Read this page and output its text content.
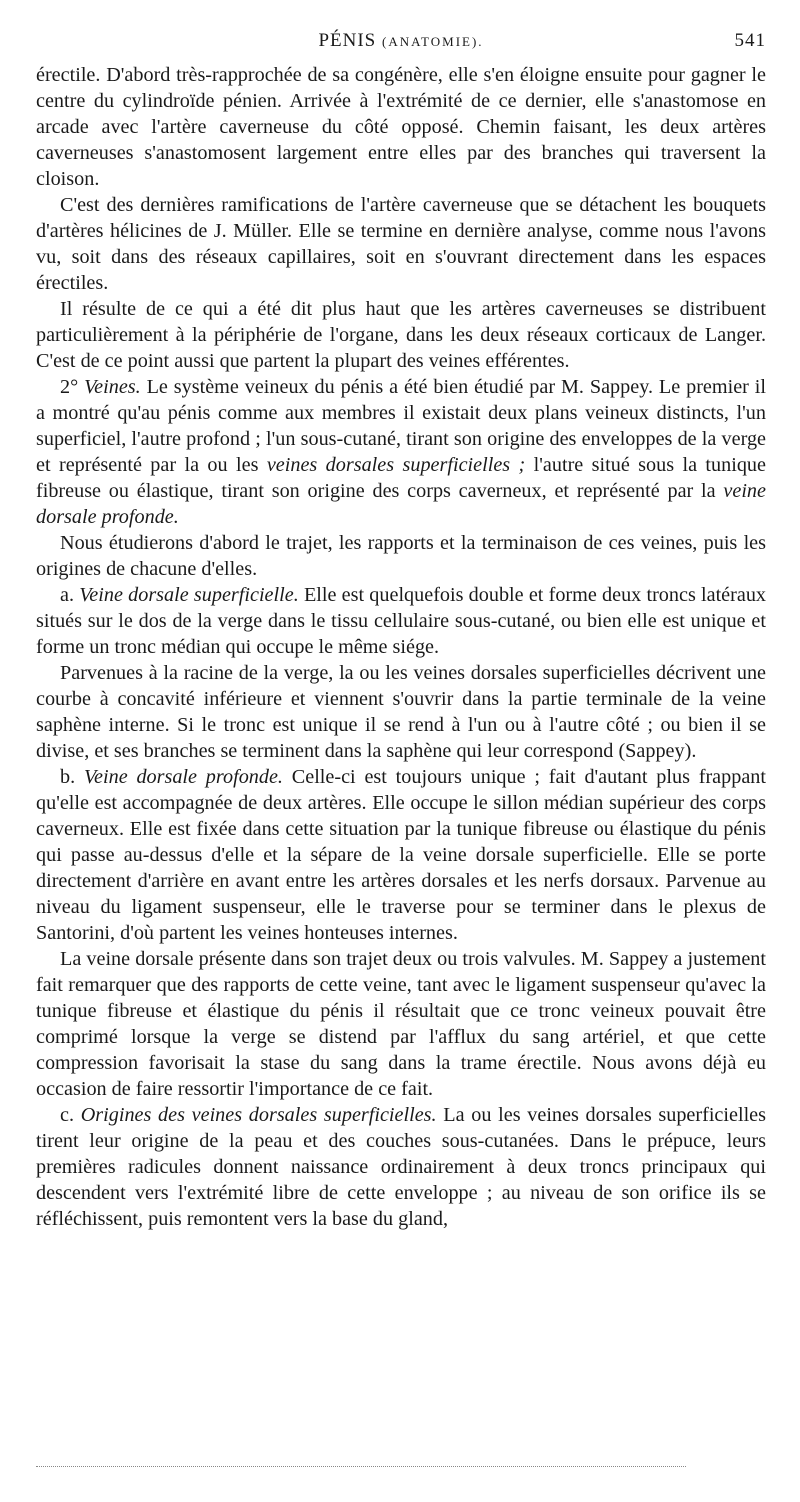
PÉNIS (ANATOMIE).	541

érectile. D'abord très-rapprochée de sa congénère, elle s'en éloigne ensuite pour gagner le centre du cylindroïde pénien. Arrivée à l'extrémité de ce dernier, elle s'anastomose en arcade avec l'artère caverneuse du côté opposé. Chemin faisant, les deux artères caverneuses s'anastomosent largement entre elles par des branches qui traversent la cloison.

C'est des dernières ramifications de l'artère caverneuse que se détachent les bouquets d'artères hélicines de J. Müller. Elle se termine en dernière analyse, comme nous l'avons vu, soit dans des réseaux capillaires, soit en s'ouvrant directement dans les espaces érectiles.

Il résulte de ce qui a été dit plus haut que les artères caverneuses se distribuent particulièrement à la périphérie de l'organe, dans les deux réseaux corticaux de Langer. C'est de ce point aussi que partent la plupart des veines efférentes.

2° Veines. Le système veineux du pénis a été bien étudié par M. Sappey. Le premier il a montré qu'au pénis comme aux membres il existait deux plans veineux distincts, l'un superficiel, l'autre profond ; l'un sous-cutané, tirant son origine des enveloppes de la verge et représenté par la ou les veines dorsales superficielles ; l'autre situé sous la tunique fibreuse ou élastique, tirant son origine des corps caverneux, et représenté par la veine dorsale profonde.

Nous étudierons d'abord le trajet, les rapports et la terminaison de ces veines, puis les origines de chacune d'elles.

a. Veine dorsale superficielle. Elle est quelquefois double et forme deux troncs latéraux situés sur le dos de la verge dans le tissu cellulaire sous-cutané, ou bien elle est unique et forme un tronc médian qui occupe le même siége.

Parvenues à la racine de la verge, la ou les veines dorsales superficielles décrivent une courbe à concavité inférieure et viennent s'ouvrir dans la partie terminale de la veine saphène interne. Si le tronc est unique il se rend à l'un ou à l'autre côté ; ou bien il se divise, et ses branches se terminent dans la saphène qui leur correspond (Sappey).

b. Veine dorsale profonde. Celle-ci est toujours unique ; fait d'autant plus frappant qu'elle est accompagnée de deux artères. Elle occupe le sillon médian supérieur des corps caverneux. Elle est fixée dans cette situation par la tunique fibreuse ou élastique du pénis qui passe au-dessus d'elle et la sépare de la veine dorsale superficielle. Elle se porte directement d'arrière en avant entre les artères dorsales et les nerfs dorsaux. Parvenue au niveau du ligament suspenseur, elle le traverse pour se terminer dans le plexus de Santorini, d'où partent les veines honteuses internes.

La veine dorsale présente dans son trajet deux ou trois valvules. M. Sappey a justement fait remarquer que des rapports de cette veine, tant avec le ligament suspenseur qu'avec la tunique fibreuse et élastique du pénis il résultait que ce tronc veineux pouvait être comprimé lorsque la verge se distend par l'afflux du sang artériel, et que cette compression favorisait la stase du sang dans la trame érectile. Nous avons déjà eu occasion de faire ressortir l'importance de ce fait.

c. Origines des veines dorsales superficielles. La ou les veines dorsales superficielles tirent leur origine de la peau et des couches sous-cutanées. Dans le prépuce, leurs premières radicules donnent naissance ordinairement à deux troncs principaux qui descendent vers l'extrémité libre de cette enveloppe ; au niveau de son orifice ils se réfléchissent, puis remontent vers la base du gland,
